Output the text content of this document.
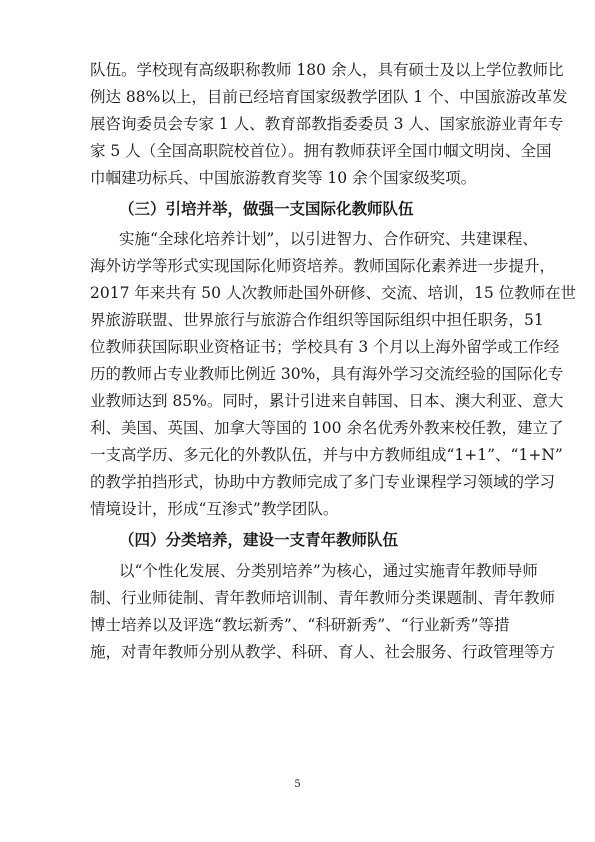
队伍。学校现有高级职称教师 180 余人，具有硕士及以上学位教师比
例达 88%以上，目前已经培育国家级教学团队 1 个、中国旅游改革发
展咨询委员会专家 1 人、教育部教指委委员 3 人、国家旅游业青年专
家 5 人（全国高职院校首位）。拥有教师获评全国巾帼文明岗、全国
巾帼建功标兵、中国旅游教育奖等 10 余个国家级奖项。
（三）引培并举，做强一支国际化教师队伍
实施“全球化培养计划”，以引进智力、合作研究、共建课程、
海外访学等形式实现国际化师资培养。教师国际化素养进一步提升，
2017 年来共有 50 人次教师赴国外研修、交流、培训，15 位教师在世
界旅游联盟、世界旅行与旅游合作组织等国际组织中担任职务，51
位教师获国际职业资格证书；学校具有 3 个月以上海外留学或工作经
历的教师占专业教师比例近 30%，具有海外学习交流经验的国际化专
业教师达到 85%。同时，累计引进来自韩国、日本、澳大利亚、意大
利、美国、英国、加拿大等国的 100 余名优秀外教来校任教，建立了
一支高学历、多元化的外教队伍，并与中方教师组成“1+1”、“1+N”
的教学拍挡形式，协助中方教师完成了多门专业课程学习领域的学习
情境设计，形成“互渗式”教学团队。
（四）分类培养，建设一支青年教师队伍
以“个性化发展、分类别培养”为核心，通过实施青年教师导师
制、行业师徒制、青年教师培训制、青年教师分类课题制、青年教师
博士培养以及评选“教坛新秀”、“科研新秀”、“行业新秀”等措
施，对青年教师分别从教学、科研、育人、社会服务、行政管理等方
5
